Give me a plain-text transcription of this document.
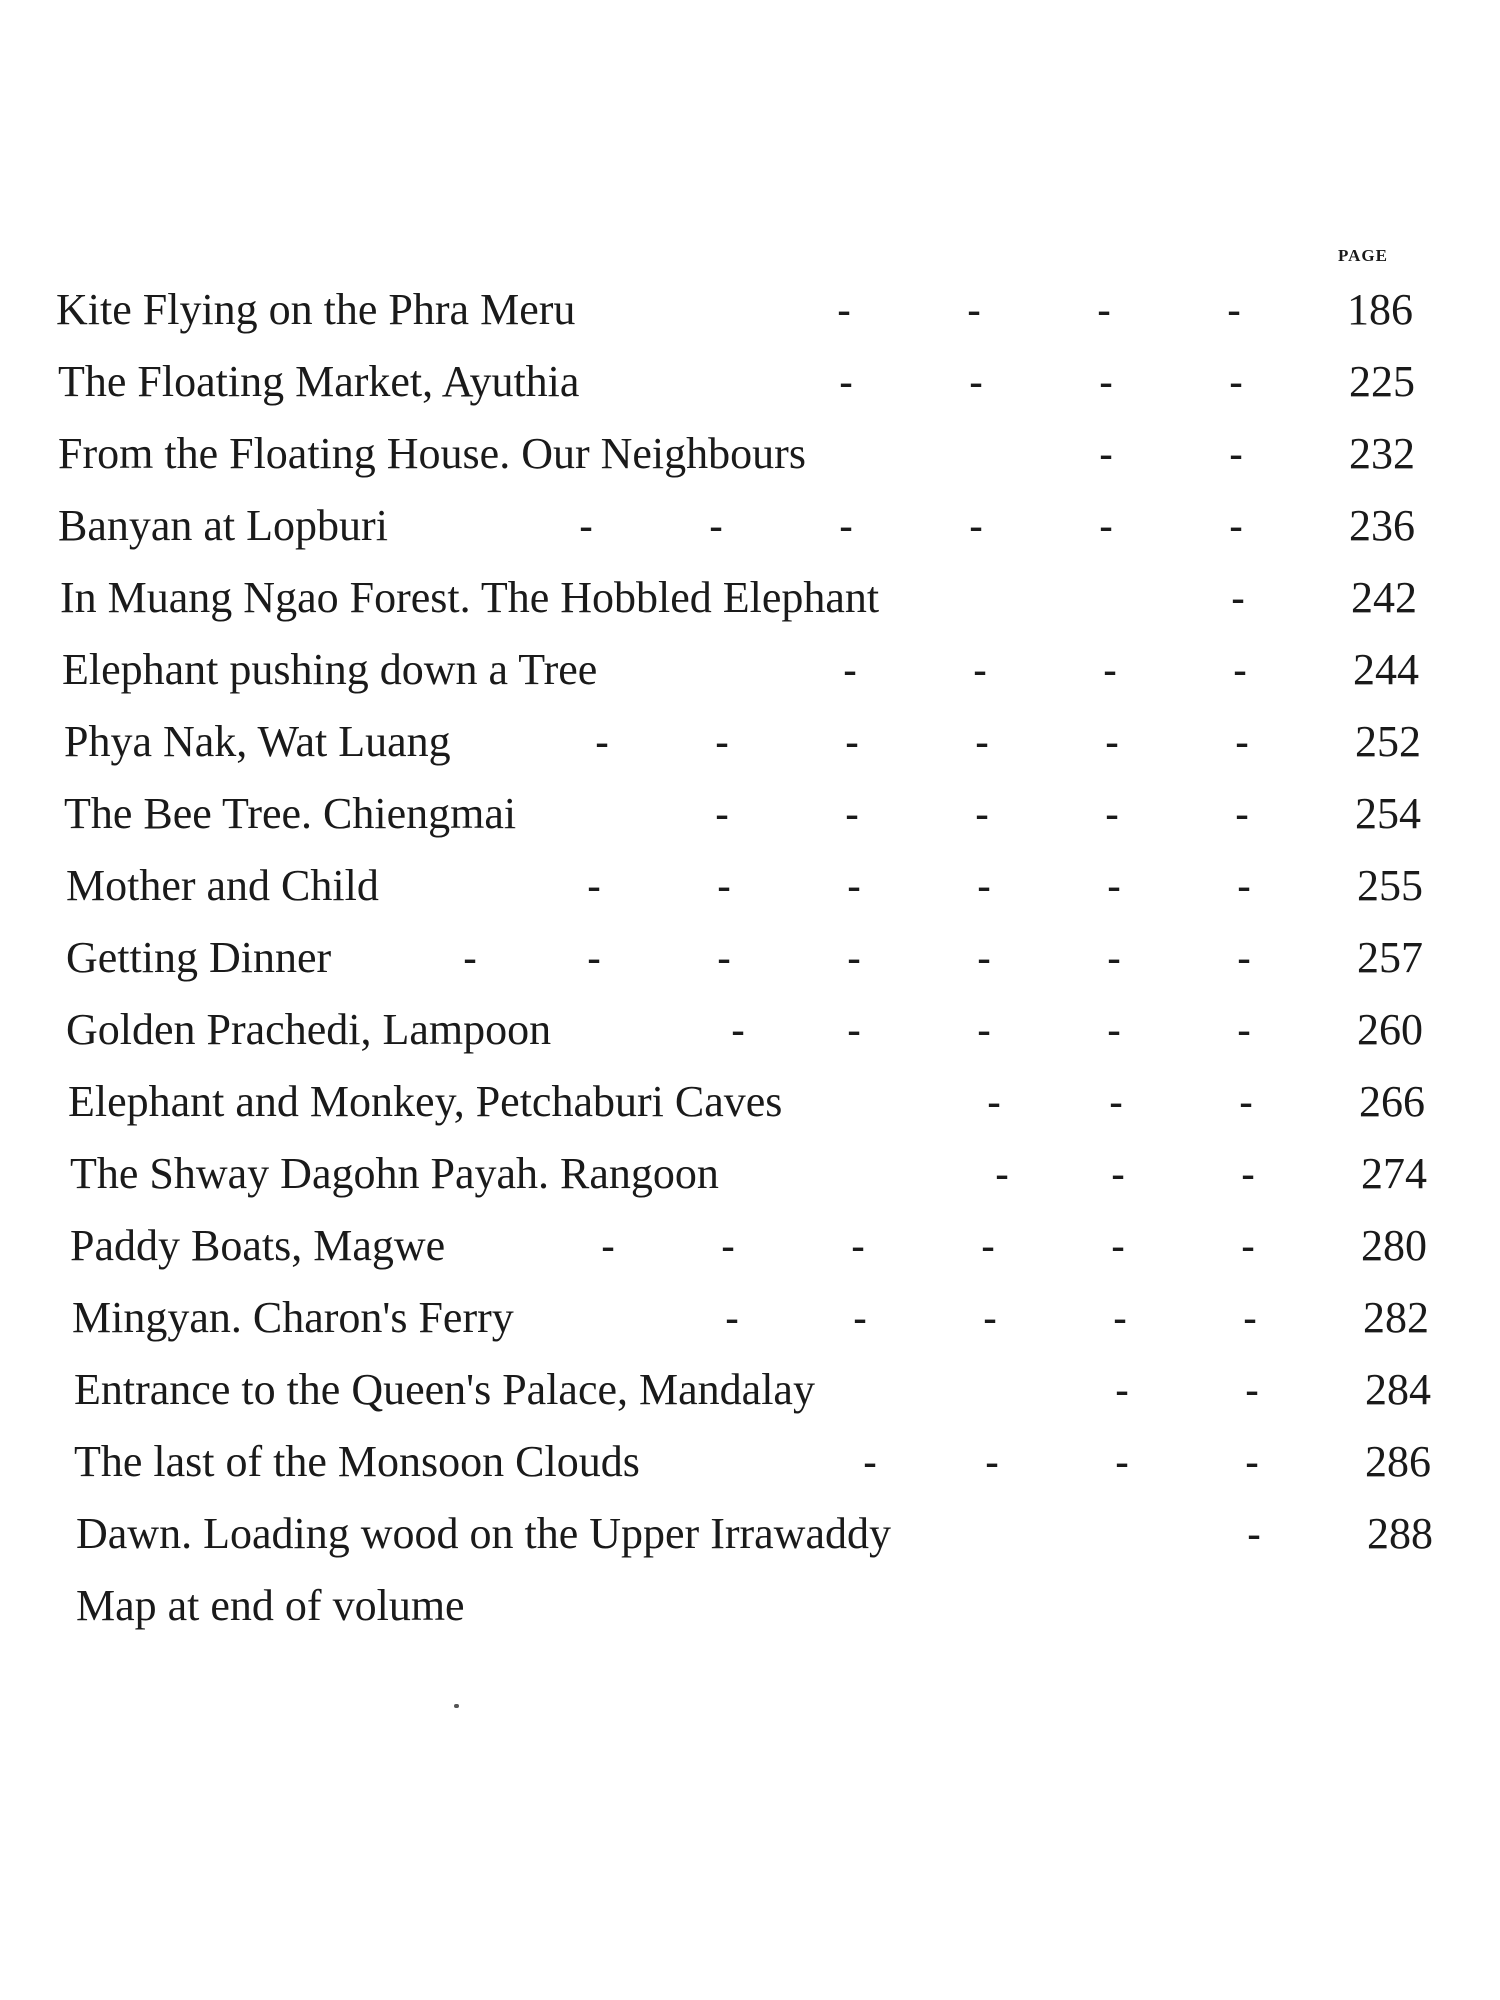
PAGE
Kite Flying on the Phra Meru	-	-	-	-	186
The Floating Market, Ayuthia	-	-	-	-	225
From the Floating House. Our Neighbours	-	-	232
Banyan at Lopburi	-	-	-	-	-	-	236
In Muang Ngao Forest. The Hobbled Elephant	-	242
Elephant pushing down a Tree	-	-	-	-	244
Phya Nak, Wat Luang	-	-	-	-	-	-	252
The Bee Tree. Chiengmai	-	-	-	-	-	254
Mother and Child	-	-	-	-	-	-	255
Getting Dinner	-	-	-	-	-	-	-	257
Golden Prachedi, Lampoon	-	-	-	-	-	260
Elephant and Monkey, Petchaburi Caves	-	-	-	266
The Shway Dagohn Payah. Rangoon	-	-	-	274
Paddy Boats, Magwe	-	-	-	-	-	-	280
Mingyan. Charon's Ferry	-	-	-	-	-	282
Entrance to the Queen's Palace, Mandalay	-	-	284
The last of the Monsoon Clouds	-	-	-	-	286
Dawn. Loading wood on the Upper Irrawaddy	-	288
Map at end of volume
